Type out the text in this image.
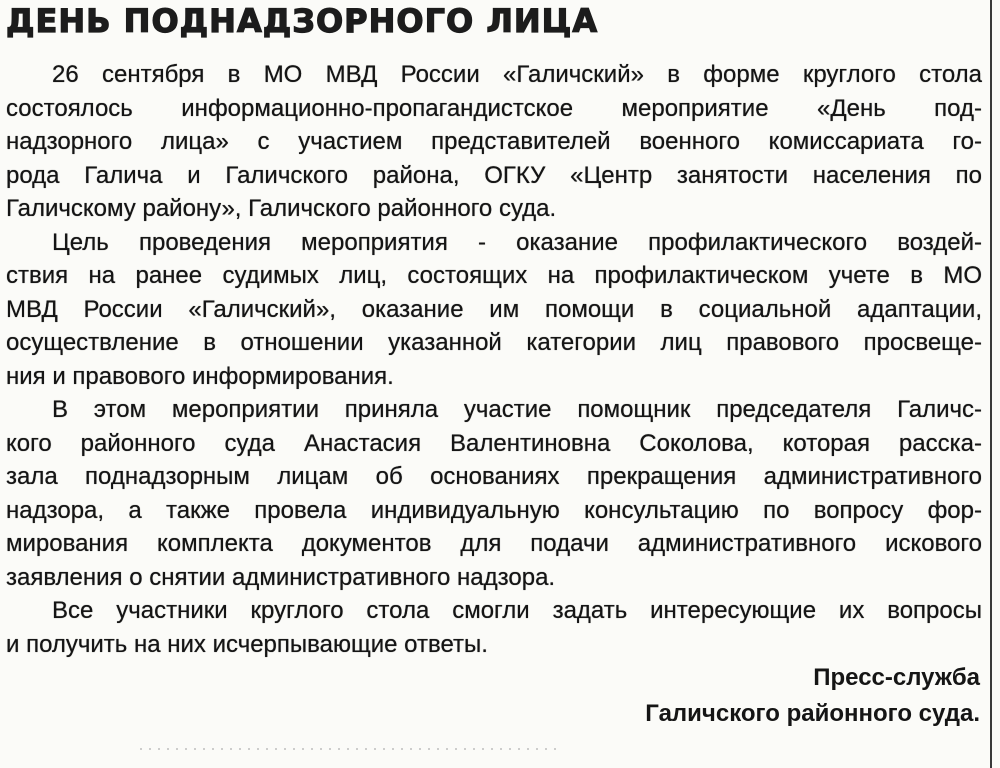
ДЕНЬ ПОДНАДЗОРНОГО ЛИЦА

26 сентября в МО МВД России «Галичский» в форме круглого стола
состоялось информационно-пропагандистское мероприятие «День под-
надзорного лица» с участием представителей военного комиссариата го-
рода Галича и Галичского района, ОГКУ «Центр занятости населения по
Галичскому району», Галичского районного суда.

Цель проведения мероприятия - оказание профилактического воздей-
ствия на ранее судимых лиц, состоящих на профилактическом учете в МО
МВД России «Галичский», оказание им помощи в социальной адаптации,
осуществление в отношении указанной категории лиц правового просвеще-
ния и правового информирования.

В этом мероприятии приняла участие помощник председателя Галичс-
кого районного суда Анастасия Валентиновна Соколова, которая расска-
зала поднадзорным лицам об основаниях прекращения административного
надзора, а также провела индивидуальную консультацию по вопросу фор-
мирования комплекта документов для подачи административного искового
заявления о снятии административного надзора.

Все участники круглого стола смогли задать интересующие их вопросы
и получить на них исчерпывающие ответы.

Пресс-служба
Галичского районного суда.
